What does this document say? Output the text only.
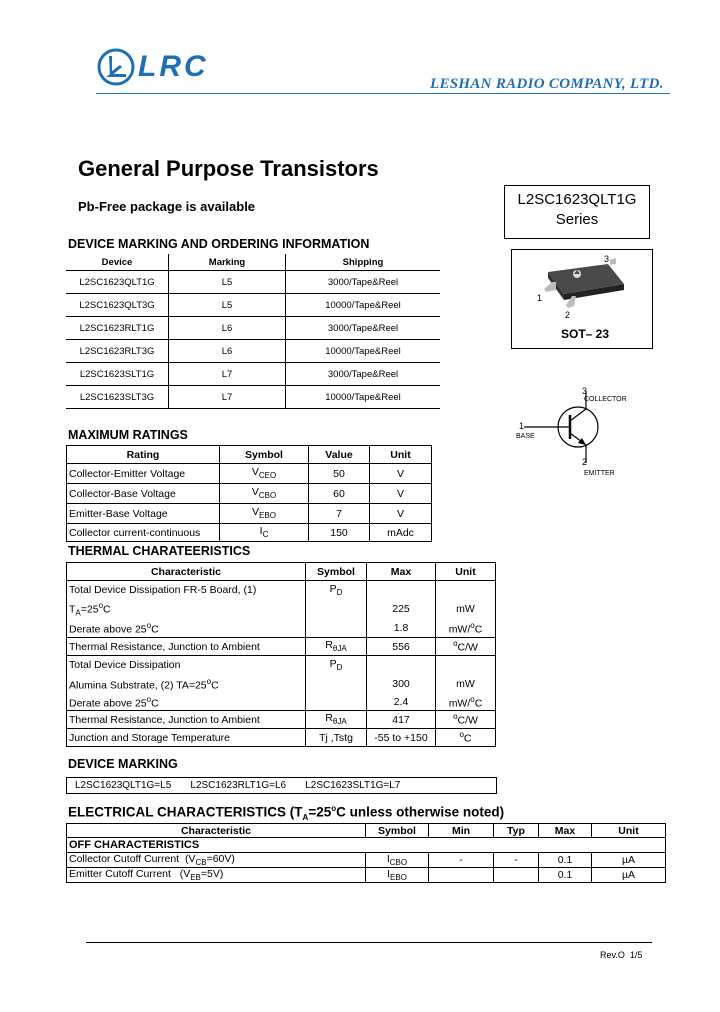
LRC
LESHAN RADIO COMPANY, LTD.
General Purpose Transistors
Pb-Free package is available	L2SC1623QLT1G
Series
3
1
2
SOT– 23
3
COLLECTOR
1
BASE
2
EMITTER
DEVICE MARKING AND ORDERING INFORMATION
Device	Marking	Shipping
L2SC1623QLT1G	L5	3000/Tape&Reel
L2SC1623QLT3G	L5	10000/Tape&Reel
L2SC1623RLT1G	L6	3000/Tape&Reel
L2SC1623RLT3G	L6	10000/Tape&Reel
L2SC1623SLT1G	L7	3000/Tape&Reel
L2SC1623SLT3G	L7	10000/Tape&Reel
MAXIMUM RATINGS
Rating	Symbol	Value	Unit
Collector-Emitter Voltage	$V_{CEO}$	50	V
Collector-Base Voltage	$V_{CBO}$	60	V
Emitter-Base Voltage	$V_{EBO}$	7	V
Collector current-continuous	$I_C$	150	mAdc
THERMAL CHARATEERISTICS
Characteristic	Symbol	Max	Unit
Total Device Dissipation FR-5 Board, (1)	$P_D$		
$T_A=25^oC$		225	mW
Derate above 25$^o$C		1.8	mW/$^o$C
Thermal Resistance, Junction to Ambient	$R_{\theta JA}$	556	$^o$C/W
Total Device Dissipation	$P_D$		
Alumina Substrate, (2) $TA=25^oC$		300	mW
Derate above 25$^o$C		2.4	mW/$^o$C
Thermal Resistance, Junction to Ambient	$R_{\theta JA}$	417	$^o$C/W
Junction and Storage Temperature	Tj ,Tstg	-55 to +150	$^o$C
DEVICE MARKING
L2SC1623QLT1G=L5    L2SC1623RLT1G=L6    L2SC1623SLT1G=L7
ELECTRICAL CHARACTERISTICS ($T_A=25^oC$ unless otherwise noted)
Characteristic	Symbol	Min	Typ	Max	Unit
OFF CHARACTERISTICS					
Collector Cutoff Current $(V_{CB}=60V)$	$I_{CBO}$	-	-	0.1	µA
Emitter Cutoff Current $(V_{EB}=5V)$	$I_{EBO}$			0.1	µA
Rev.O  1/5
